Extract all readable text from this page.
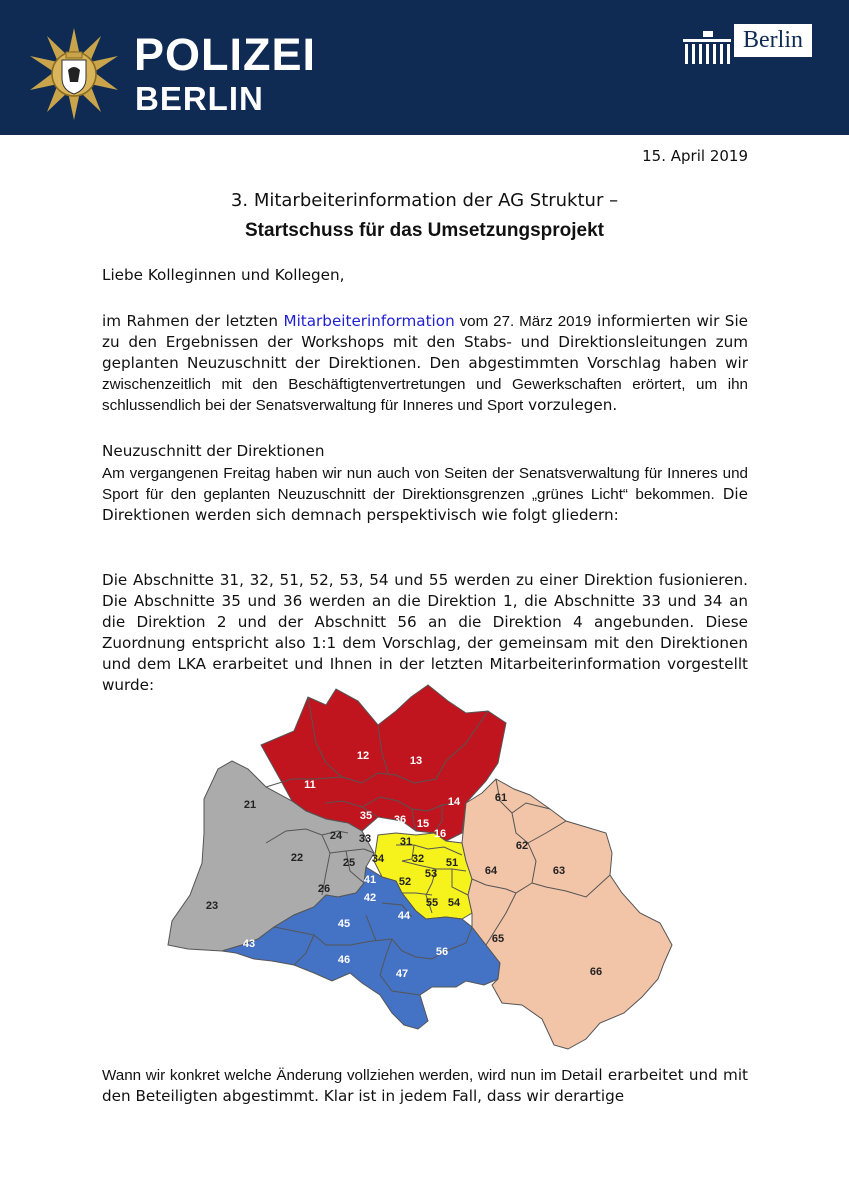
POLIZEI
BERLIN
Berlin
15. April 2019
3. Mitarbeiterinformation der AG Struktur –
Startschuss für das Umsetzungsprojekt
Liebe Kolleginnen und Kollegen,
im Rahmen der letzten Mitarbeiterinformation vom 27. März 2019 informierten wir Sie zu den Ergebnissen der Workshops mit den Stabs- und Direktionsleitungen zum geplanten Neuzuschnitt der Direktionen. Den abgestimmten Vorschlag haben wir zwischenzeitlich mit den Beschäftigtenvertretungen und Gewerkschaften erörtert, um ihn schlussendlich bei der Senatsverwaltung für Inneres und Sport vorzulegen.
Neuzuschnitt der Direktionen
Am vergangenen Freitag haben wir nun auch von Seiten der Senatsverwaltung für Inneres und Sport für den geplanten Neuzuschnitt der Direktionsgrenzen „grünes Licht“ bekommen. Die Direktionen werden sich demnach perspektivisch wie folgt gliedern:
Die Abschnitte 31, 32, 51, 52, 53, 54 und 55 werden zu einer Direktion fusionieren. Die Abschnitte 35 und 36 werden an die Direktion 1, die Abschnitte 33 und 34 an die Direktion 2 und der Abschnitt 56 an die Direktion 4 angebunden. Diese Zuordnung entspricht also 1:1 dem Vorschlag, der gemeinsam mit den Direktionen und dem LKA erarbeitet und Ihnen in der letzten Mitarbeiterinformation vorgestellt wurde:
11
12	13
14
15
16
35 36
21
22
23
24
25
26
33
34
31
32 51
52
53
54
55
61
62
63
64
65
66
41
42
43
44
45
46
47
56
Wann wir konkret welche Änderung vollziehen werden, wird nun im Detail erarbeitet und mit den Beteiligten abgestimmt. Klar ist in jedem Fall, dass wir derartige
